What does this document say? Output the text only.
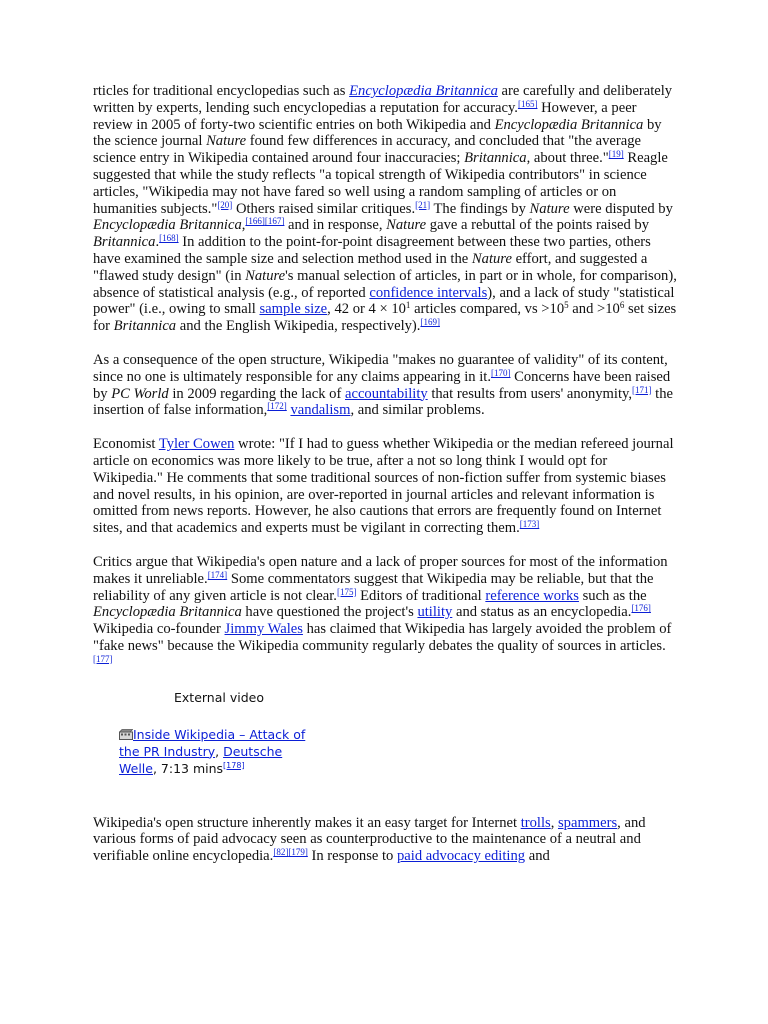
rticles for traditional encyclopedias such as Encyclopædia Britannica are carefully and deliberately written by experts, lending such encyclopedias a reputation for accuracy.[165] However, a peer review in 2005 of forty-two scientific entries on both Wikipedia and Encyclopædia Britannica by the science journal Nature found few differences in accuracy, and concluded that "the average science entry in Wikipedia contained around four inaccuracies; Britannica, about three."[19] Reagle suggested that while the study reflects "a topical strength of Wikipedia contributors" in science articles, "Wikipedia may not have fared so well using a random sampling of articles or on humanities subjects."[20] Others raised similar critiques.[21] The findings by Nature were disputed by Encyclopædia Britannica,[166][167] and in response, Nature gave a rebuttal of the points raised by Britannica.[168] In addition to the point-for-point disagreement between these two parties, others have examined the sample size and selection method used in the Nature effort, and suggested a "flawed study design" (in Nature's manual selection of articles, in part or in whole, for comparison), absence of statistical analysis (e.g., of reported confidence intervals), and a lack of study "statistical power" (i.e., owing to small sample size, 42 or $4 \times 10^1$ articles compared, vs $>10^5$ and $>10^6$ set sizes for Britannica and the English Wikipedia, respectively).[169]

As a consequence of the open structure, Wikipedia "makes no guarantee of validity" of its content, since no one is ultimately responsible for any claims appearing in it.[170] Concerns have been raised by PC World in 2009 regarding the lack of accountability that results from users' anonymity,[171] the insertion of false information,[172] vandalism, and similar problems.

Economist Tyler Cowen wrote: "If I had to guess whether Wikipedia or the median refereed journal article on economics was more likely to be true, after a not so long think I would opt for Wikipedia." He comments that some traditional sources of non-fiction suffer from systemic biases and novel results, in his opinion, are over-reported in journal articles and relevant information is omitted from news reports. However, he also cautions that errors are frequently found on Internet sites, and that academics and experts must be vigilant in correcting them.[173]

Critics argue that Wikipedia's open nature and a lack of proper sources for most of the information makes it unreliable.[174] Some commentators suggest that Wikipedia may be reliable, but that the reliability of any given article is not clear.[175] Editors of traditional reference works such as the Encyclopædia Britannica have questioned the project's utility and status as an encyclopedia.[176] Wikipedia co-founder Jimmy Wales has claimed that Wikipedia has largely avoided the problem of "fake news" because the Wikipedia community regularly debates the quality of sources in articles.[177]

External video
Inside Wikipedia – Attack of the PR Industry, Deutsche Welle, 7:13 mins[178]

Wikipedia's open structure inherently makes it an easy target for Internet trolls, spammers, and various forms of paid advocacy seen as counterproductive to the maintenance of a neutral and verifiable online encyclopedia.[82][179] In response to paid advocacy editing and
